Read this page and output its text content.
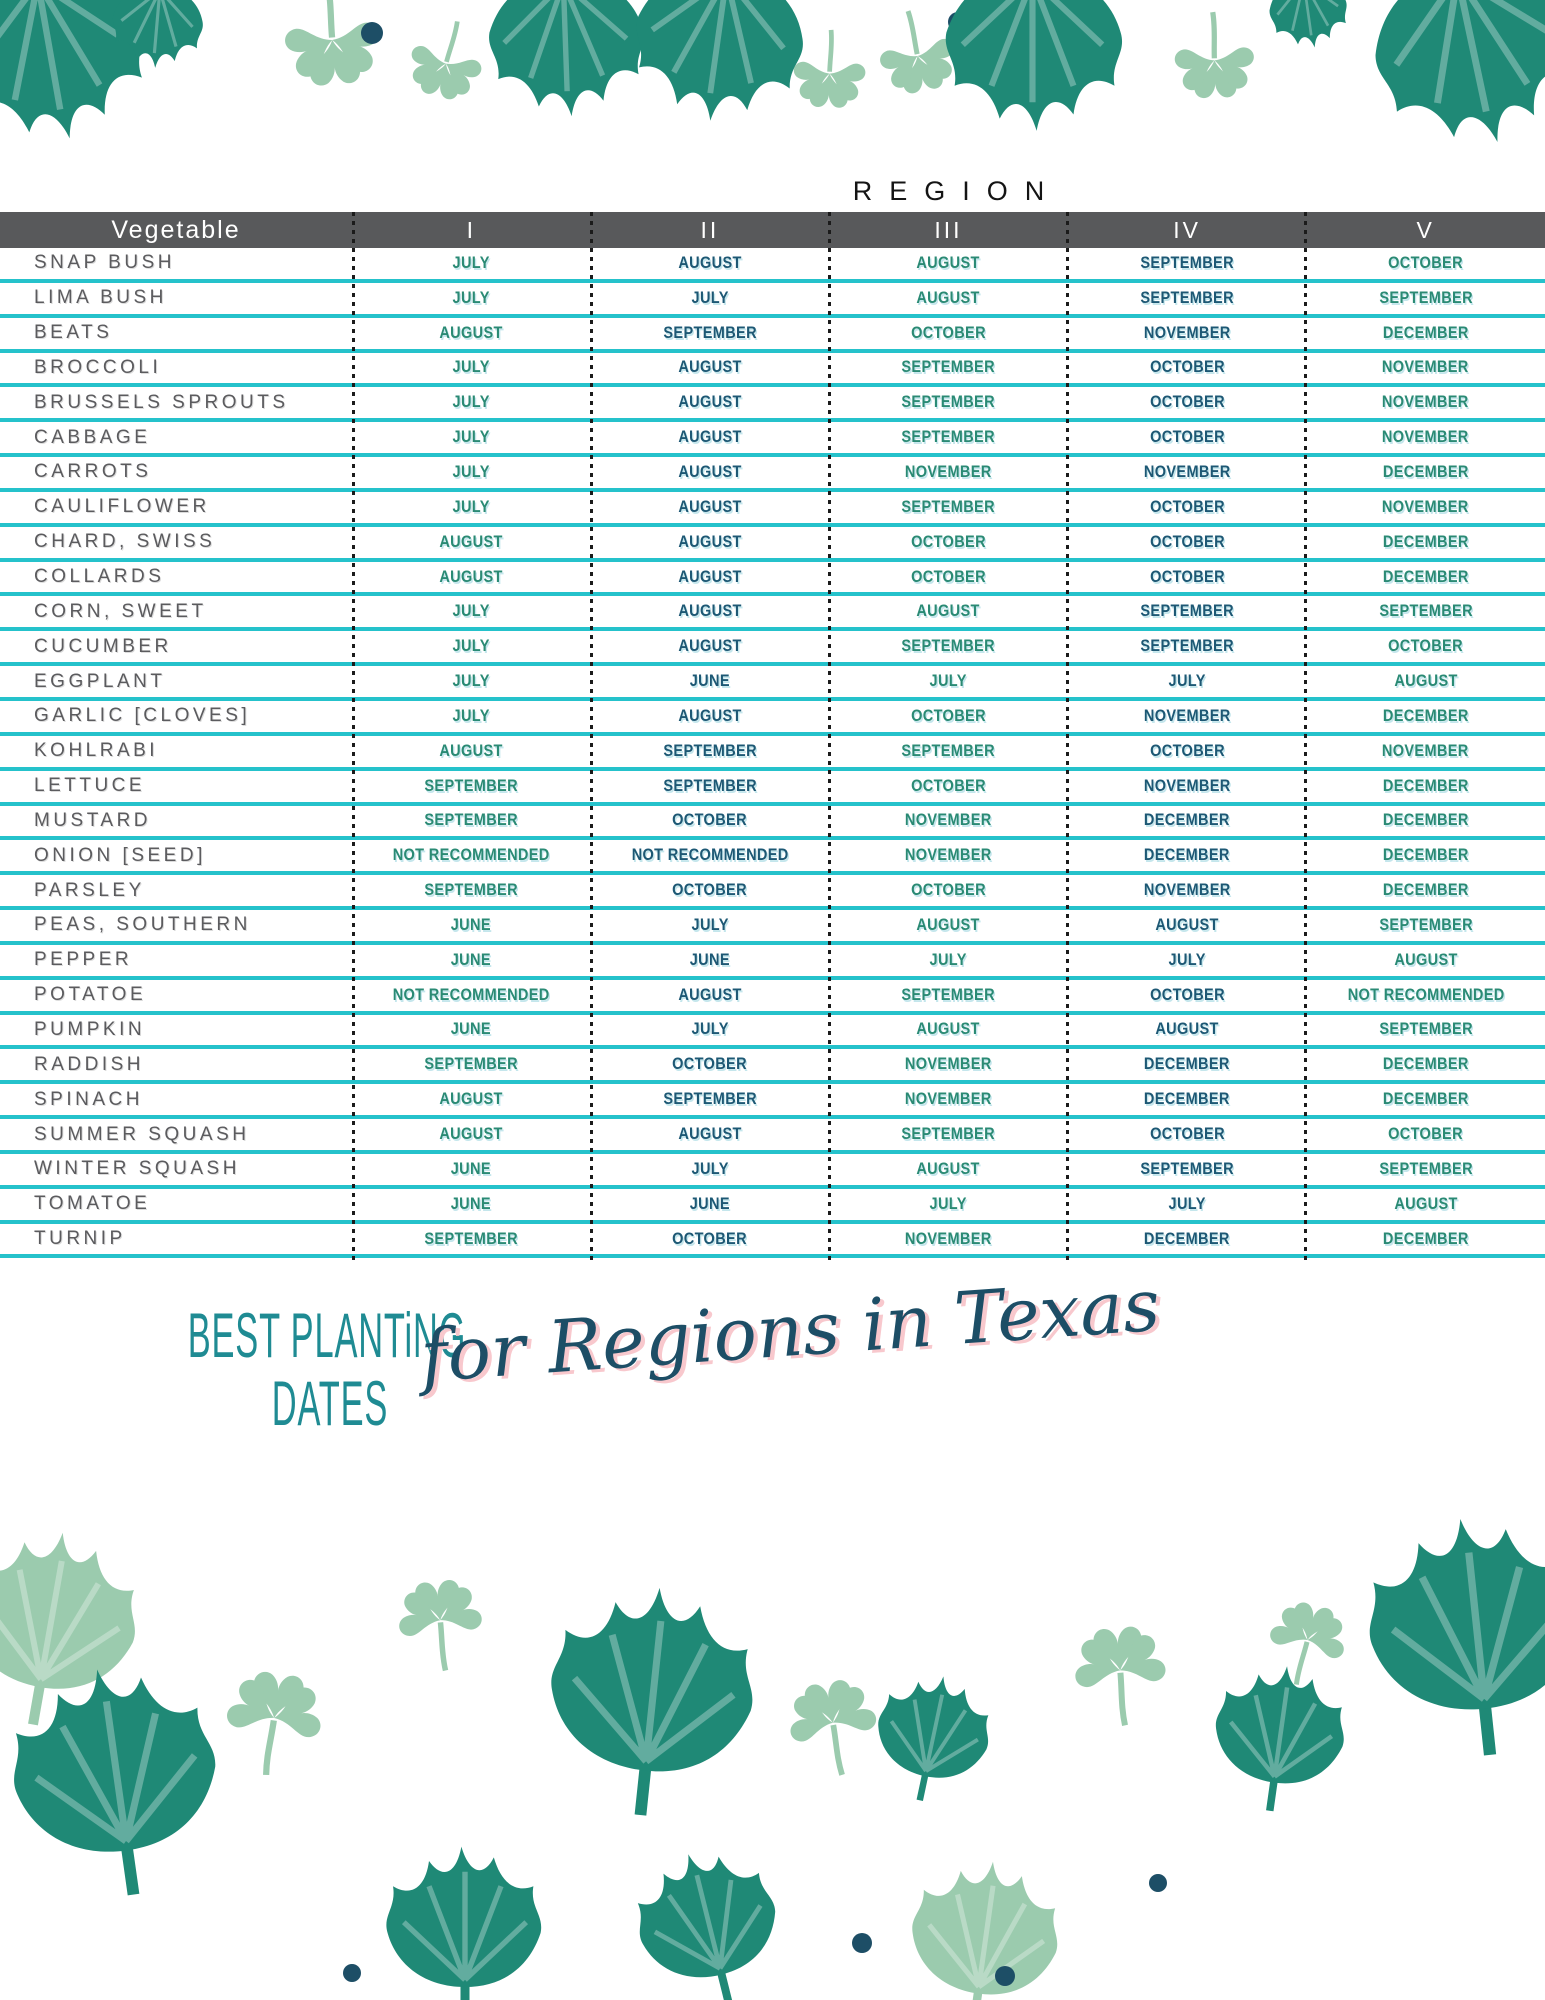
REGION
Vegetable	I	II	III	IV	V
SNAP BUSH	JULY	AUGUST	AUGUST	SEPTEMBER	OCTOBER
LIMA BUSH	JULY	JULY	AUGUST	SEPTEMBER	SEPTEMBER
BEATS	AUGUST	SEPTEMBER	OCTOBER	NOVEMBER	DECEMBER
BROCCOLI	JULY	AUGUST	SEPTEMBER	OCTOBER	NOVEMBER
BRUSSELS SPROUTS	JULY	AUGUST	SEPTEMBER	OCTOBER	NOVEMBER
CABBAGE	JULY	AUGUST	SEPTEMBER	OCTOBER	NOVEMBER
CARROTS	JULY	AUGUST	NOVEMBER	NOVEMBER	DECEMBER
CAULIFLOWER	JULY	AUGUST	SEPTEMBER	OCTOBER	NOVEMBER
CHARD, SWISS	AUGUST	AUGUST	OCTOBER	OCTOBER	DECEMBER
COLLARDS	AUGUST	AUGUST	OCTOBER	OCTOBER	DECEMBER
CORN, SWEET	JULY	AUGUST	AUGUST	SEPTEMBER	SEPTEMBER
CUCUMBER	JULY	AUGUST	SEPTEMBER	SEPTEMBER	OCTOBER
EGGPLANT	JULY	JUNE	JULY	JULY	AUGUST
GARLIC [CLOVES]	JULY	AUGUST	OCTOBER	NOVEMBER	DECEMBER
KOHLRABI	AUGUST	SEPTEMBER	SEPTEMBER	OCTOBER	NOVEMBER
LETTUCE	SEPTEMBER	SEPTEMBER	OCTOBER	NOVEMBER	DECEMBER
MUSTARD	SEPTEMBER	OCTOBER	NOVEMBER	DECEMBER	DECEMBER
ONION [SEED]	NOT RECOMMENDED	NOT RECOMMENDED	NOVEMBER	DECEMBER	DECEMBER
PARSLEY	SEPTEMBER	OCTOBER	OCTOBER	NOVEMBER	DECEMBER
PEAS, SOUTHERN	JUNE	JULY	AUGUST	AUGUST	SEPTEMBER
PEPPER	JUNE	JUNE	JULY	JULY	AUGUST
POTATOE	NOT RECOMMENDED	AUGUST	SEPTEMBER	OCTOBER	NOT RECOMMENDED
PUMPKIN	JUNE	JULY	AUGUST	AUGUST	SEPTEMBER
RADDISH	SEPTEMBER	OCTOBER	NOVEMBER	DECEMBER	DECEMBER
SPINACH	AUGUST	SEPTEMBER	NOVEMBER	DECEMBER	DECEMBER
SUMMER SQUASH	AUGUST	AUGUST	SEPTEMBER	OCTOBER	OCTOBER
WINTER SQUASH	JUNE	JULY	AUGUST	SEPTEMBER	SEPTEMBER
TOMATOE	JUNE	JUNE	JULY	JULY	AUGUST
TURNIP	SEPTEMBER	OCTOBER	NOVEMBER	DECEMBER	DECEMBER
BEST PLANTiNG
DATES
for Regions in Texas
